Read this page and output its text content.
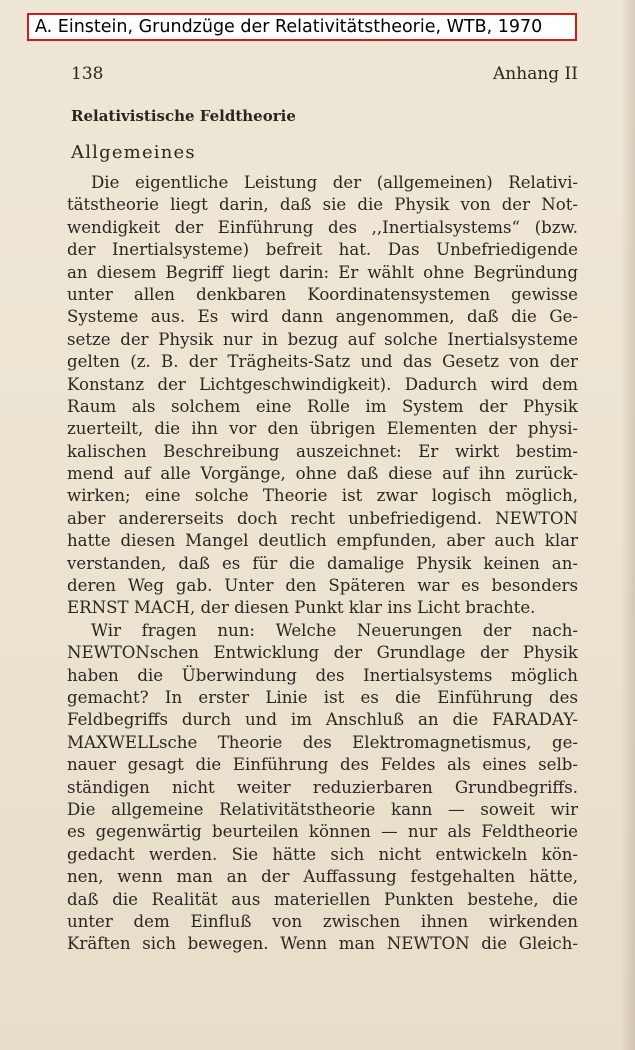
A. Einstein, Grundzüge der Relativitätstheorie, WTB, 1970
138	Anhang II
Relativistische Feldtheorie
Allgemeines
Die eigentliche Leistung der (allgemeinen) Relativi-
tätstheorie liegt darin, daß sie die Physik von der Not-
wendigkeit der Einführung des ,,Inertialsystems“ (bzw.
der Inertialsysteme) befreit hat. Das Unbefriedigende
an diesem Begriff liegt darin: Er wählt ohne Begründung
unter allen denkbaren Koordinatensystemen gewisse
Systeme aus. Es wird dann angenommen, daß die Ge-
setze der Physik nur in bezug auf solche Inertialsysteme
gelten (z. B. der Trägheits-Satz und das Gesetz von der
Konstanz der Lichtgeschwindigkeit). Dadurch wird dem
Raum als solchem eine Rolle im System der Physik
zuerteilt, die ihn vor den übrigen Elementen der physi-
kalischen Beschreibung auszeichnet: Er wirkt bestim-
mend auf alle Vorgänge, ohne daß diese auf ihn zurück-
wirken; eine solche Theorie ist zwar logisch möglich,
aber andererseits doch recht unbefriedigend. NEWTON
hatte diesen Mangel deutlich empfunden, aber auch klar
verstanden, daß es für die damalige Physik keinen an-
deren Weg gab. Unter den Späteren war es besonders
ERNST MACH, der diesen Punkt klar ins Licht brachte.
Wir fragen nun: Welche Neuerungen der nach-
NEWTONschen Entwicklung der Grundlage der Physik
haben die Überwindung des Inertialsystems möglich
gemacht? In erster Linie ist es die Einführung des
Feldbegriffs durch und im Anschluß an die FARADAY-
MAXWELLsche Theorie des Elektromagnetismus, ge-
nauer gesagt die Einführung des Feldes als eines selb-
ständigen nicht weiter reduzierbaren Grundbegriffs.
Die allgemeine Relativitätstheorie kann — soweit wir
es gegenwärtig beurteilen können — nur als Feldtheorie
gedacht werden. Sie hätte sich nicht entwickeln kön-
nen, wenn man an der Auffassung festgehalten hätte,
daß die Realität aus materiellen Punkten bestehe, die
unter dem Einfluß von zwischen ihnen wirkenden
Kräften sich bewegen. Wenn man NEWTON die Gleich-
